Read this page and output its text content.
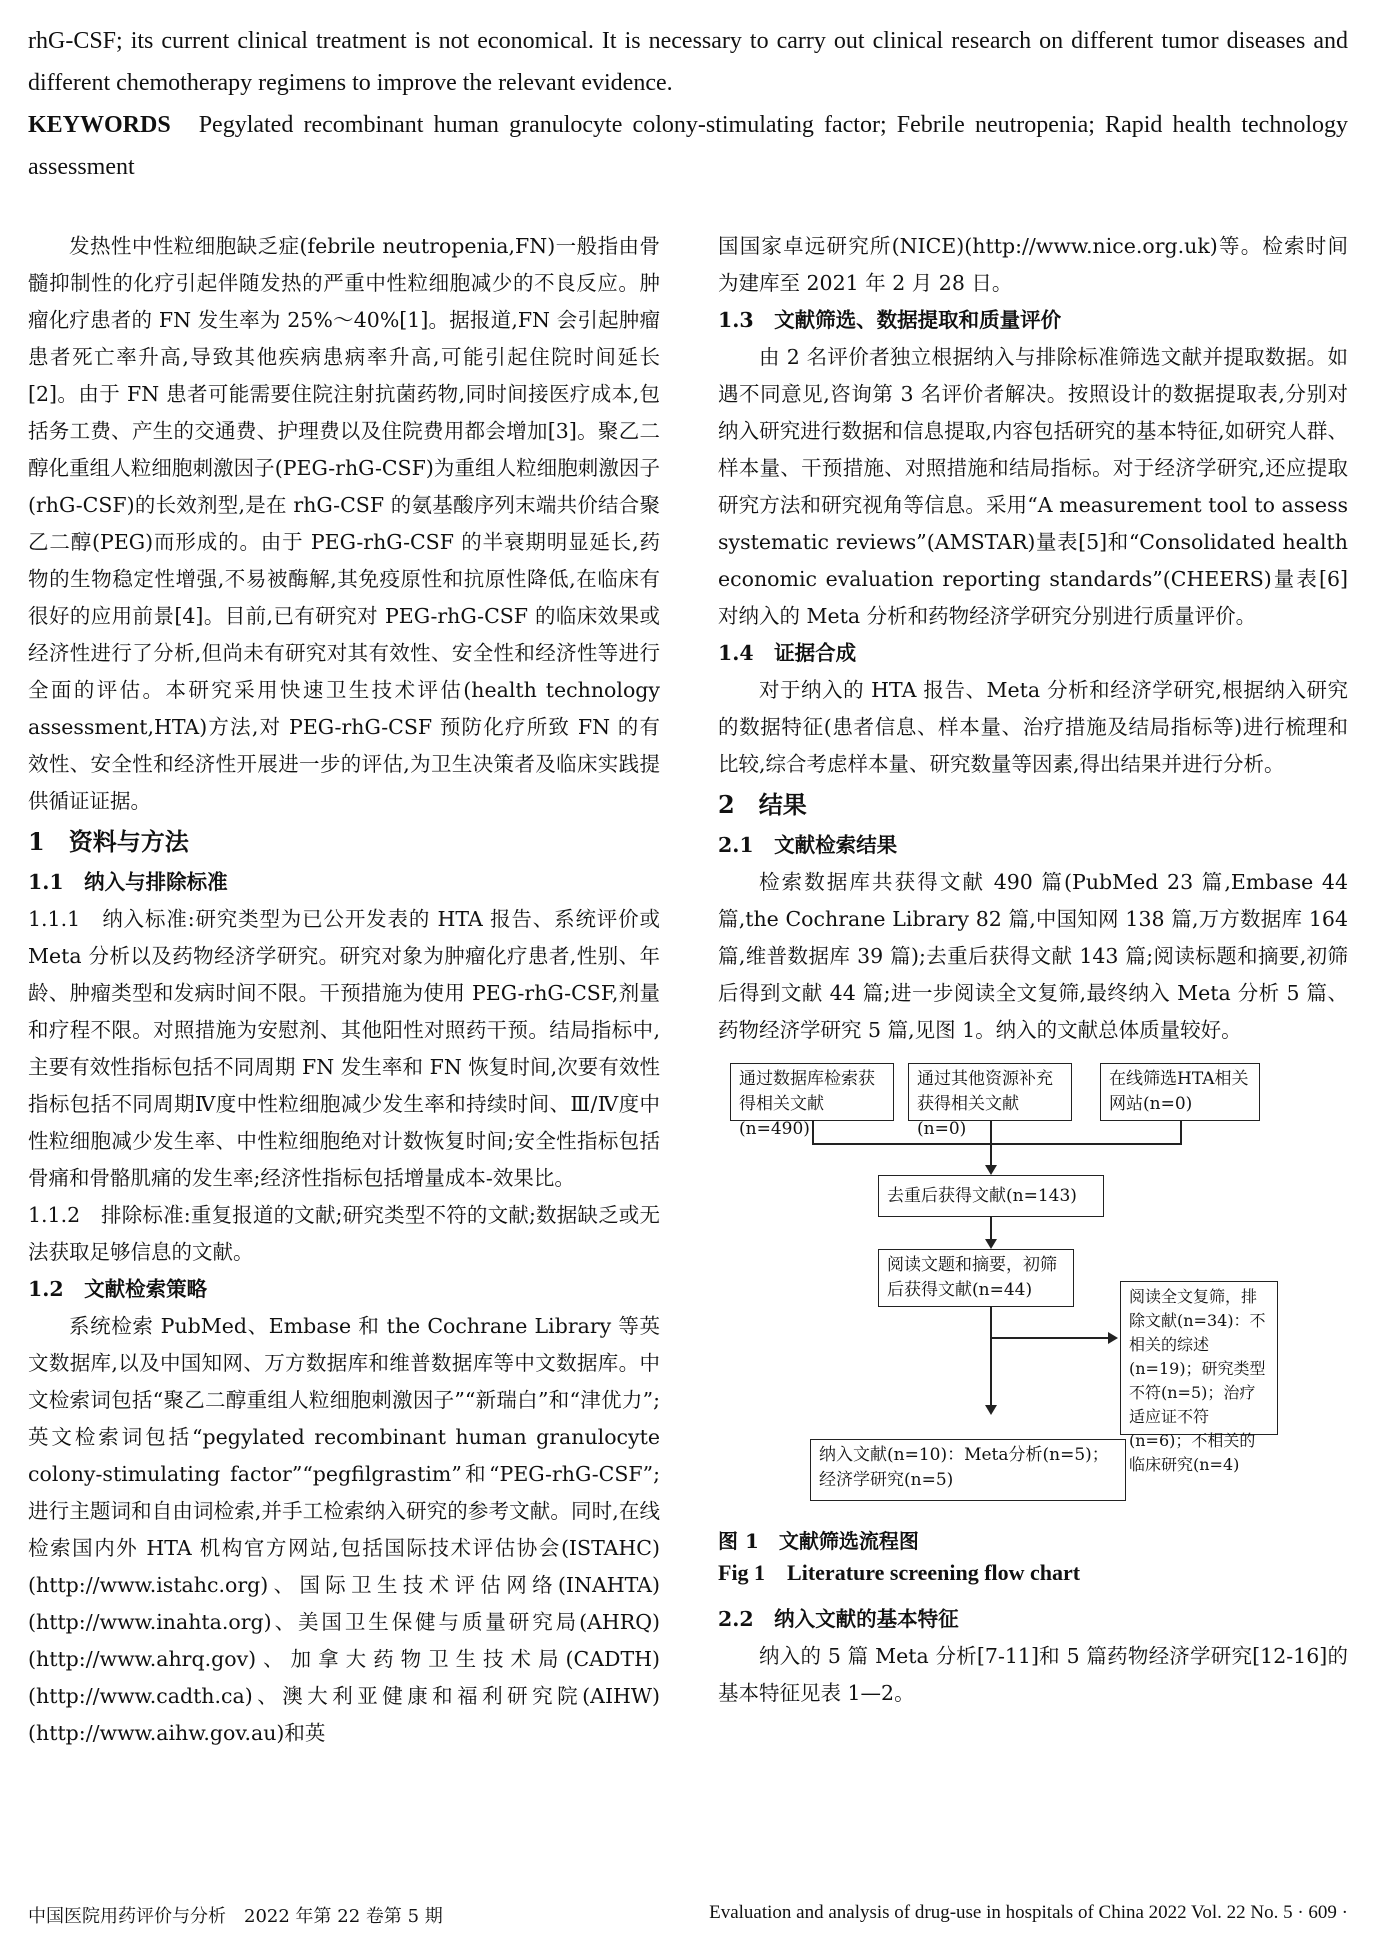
rhG-CSF; its current clinical treatment is not economical. It is necessary to carry out clinical research on different tumor diseases and different chemotherapy regimens to improve the relevant evidence.

KEYWORDS Pegylated recombinant human granulocyte colony-stimulating factor; Febrile neutropenia; Rapid health technology assessment

发热性中性粒细胞缺乏症(febrile neutropenia,FN)一般指由骨髓抑制性的化疗引起伴随发热的严重中性粒细胞减少的不良反应。肿瘤化疗患者的 FN 发生率为 25%～40%[1]。据报道,FN 会引起肿瘤患者死亡率升高,导致其他疾病患病率升高,可能引起住院时间延长[2]。由于 FN 患者可能需要住院注射抗菌药物,同时间接医疗成本,包括务工费、产生的交通费、护理费以及住院费用都会增加[3]。聚乙二醇化重组人粒细胞刺激因子(PEG-rhG-CSF)为重组人粒细胞刺激因子(rhG-CSF)的长效剂型,是在 rhG-CSF 的氨基酸序列末端共价结合聚乙二醇(PEG)而形成的。由于 PEG-rhG-CSF 的半衰期明显延长,药物的生物稳定性增强,不易被酶解,其免疫原性和抗原性降低,在临床有很好的应用前景[4]。目前,已有研究对 PEG-rhG-CSF 的临床效果或经济性进行了分析,但尚未有研究对其有效性、安全性和经济性等进行全面的评估。本研究采用快速卫生技术评估(health technology assessment,HTA)方法,对 PEG-rhG-CSF 预防化疗所致 FN 的有效性、安全性和经济性开展进一步的评估,为卫生决策者及临床实践提供循证证据。

1　资料与方法

1.1　纳入与排除标准

1.1.1　纳入标准:研究类型为已公开发表的 HTA 报告、系统评价或 Meta 分析以及药物经济学研究。研究对象为肿瘤化疗患者,性别、年龄、肿瘤类型和发病时间不限。干预措施为使用 PEG-rhG-CSF,剂量和疗程不限。对照措施为安慰剂、其他阳性对照药干预。结局指标中,主要有效性指标包括不同周期 FN 发生率和 FN 恢复时间,次要有效性指标包括不同周期Ⅳ度中性粒细胞减少发生率和持续时间、Ⅲ/Ⅳ度中性粒细胞减少发生率、中性粒细胞绝对计数恢复时间;安全性指标包括骨痛和骨骼肌痛的发生率;经济性指标包括增量成本-效果比。

1.1.2　排除标准:重复报道的文献;研究类型不符的文献;数据缺乏或无法获取足够信息的文献。

1.2　文献检索策略

系统检索 PubMed、Embase 和 the Cochrane Library 等英文数据库,以及中国知网、万方数据库和维普数据库等中文数据库。中文检索词包括“聚乙二醇重组人粒细胞刺激因子”“新瑞白”和“津优力”;英文检索词包括“pegylated recombinant human granulocyte colony-stimulating factor”“pegfilgrastim”和“PEG-rhG-CSF”;进行主题词和自由词检索,并手工检索纳入研究的参考文献。同时,在线检索国内外 HTA 机构官方网站,包括国际技术评估协会(ISTAHC)(http://www.istahc.org)、国际卫生技术评估网络(INAHTA)(http://www.inahta.org)、美国卫生保健与质量研究局(AHRQ)(http://www.ahrq.gov)、加拿大药物卫生技术局(CADTH)(http://www.cadth.ca)、澳大利亚健康和福利研究院(AIHW)(http://www.aihw.gov.au)和英

国国家卓远研究所(NICE)(http://www.nice.org.uk)等。检索时间为建库至 2021 年 2 月 28 日。

1.3　文献筛选、数据提取和质量评价

由 2 名评价者独立根据纳入与排除标准筛选文献并提取数据。如遇不同意见,咨询第 3 名评价者解决。按照设计的数据提取表,分别对纳入研究进行数据和信息提取,内容包括研究的基本特征,如研究人群、样本量、干预措施、对照措施和结局指标。对于经济学研究,还应提取研究方法和研究视角等信息。采用“A measurement tool to assess systematic reviews”(AMSTAR)量表[5]和“Consolidated health economic evaluation reporting standards”(CHEERS)量表[6]对纳入的 Meta 分析和药物经济学研究分别进行质量评价。

1.4　证据合成

对于纳入的 HTA 报告、Meta 分析和经济学研究,根据纳入研究的数据特征(患者信息、样本量、治疗措施及结局指标等)进行梳理和比较,综合考虑样本量、研究数量等因素,得出结果并进行分析。

2　结果

2.1　文献检索结果

检索数据库共获得文献 490 篇(PubMed 23 篇,Embase 44 篇,the Cochrane Library 82 篇,中国知网 138 篇,万方数据库 164 篇,维普数据库 39 篇);去重后获得文献 143 篇;阅读标题和摘要,初筛后得到文献 44 篇;进一步阅读全文复筛,最终纳入 Meta 分析 5 篇、药物经济学研究 5 篇,见图 1。纳入的文献总体质量较好。

通过数据库检索获得相关文献(n=490)
通过其他资源补充获得相关文献(n=0)
在线筛选HTA相关网站(n=0)
去重后获得文献(n=143)
阅读文题和摘要，初筛后获得文献(n=44)	阅读全文复筛，排除文献(n=34)：不相关的综述(n=19)；研究类型不符(n=5)；治疗适应证不符(n=6)；不相关的临床研究(n=4)
纳入文献(n=10)：Meta分析(n=5)；经济学研究(n=5)

图 1　文献筛选流程图

Fig 1　Literature screening flow chart

2.2　纳入文献的基本特征

纳入的 5 篇 Meta 分析[7-11]和 5 篇药物经济学研究[12-16]的基本特征见表 1—2。

中国医院用药评价与分析　2022 年第 22 卷第 5 期	Evaluation and analysis of drug-use in hospitals of China 2022 Vol. 22 No. 5 · 609 ·
